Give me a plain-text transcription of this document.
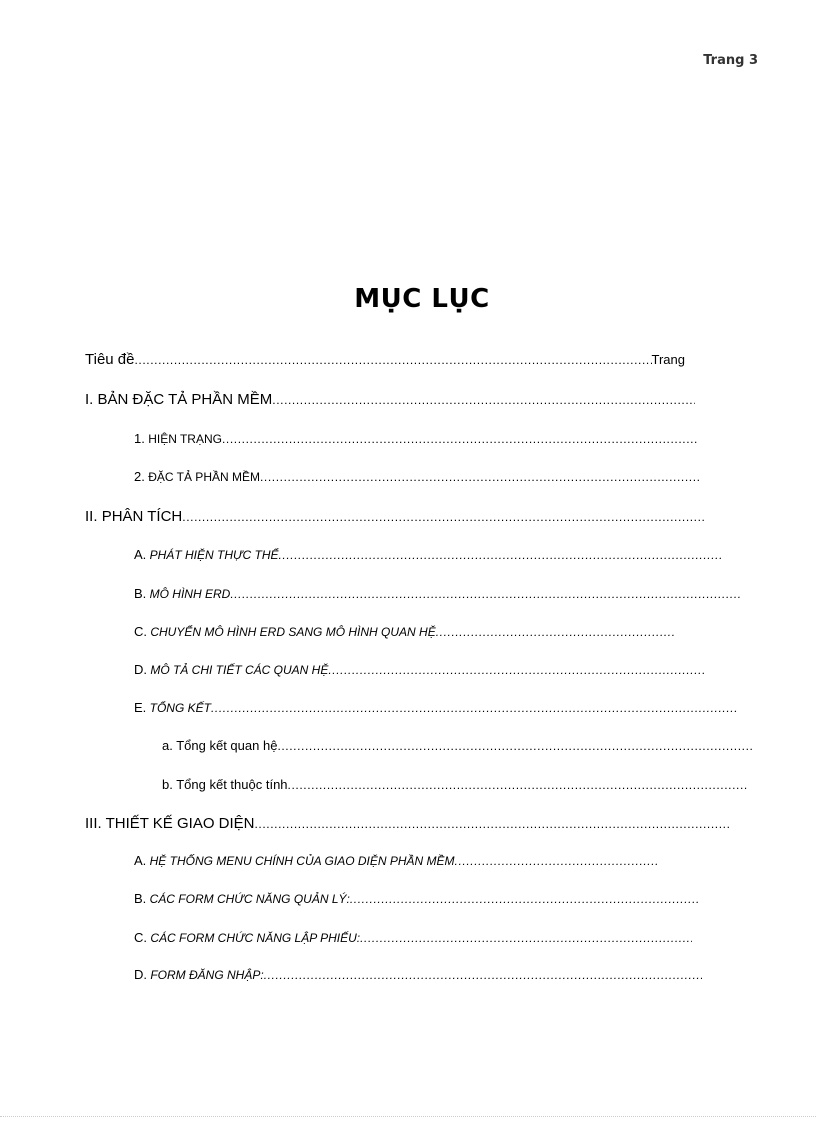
Trang 3
MỤC LỤC
Tiêu đề
.....	Trang
I. BẢN ĐẶC TẢ PHẦN MỀM
.....
1. HIỆN TRẠNG
.....
2. ĐẶC TẢ PHẦN MỀM
.....
II. PHÂN TÍCH
.....
A. PHÁT HIỆN THỰC THỂ
.....
B. MÔ HÌNH ERD
.....
C. CHUYỂN MÔ HÌNH ERD SANG MÔ HÌNH QUAN HỆ
.....
D. MÔ TẢ CHI TIẾT CÁC QUAN HỆ
.....
E. TỔNG KẾT
.....
a. Tổng kết quan hệ
.....
b. Tổng kết thuộc tính
.....
III. THIẾT KẾ GIAO DIỆN
.....
A. HỆ THỐNG MENU CHÍNH CỦA GIAO DIỆN PHẦN MỀM
.....
B. CÁC FORM CHỨC NĂNG QUẢN LÝ:
.....
C. CÁC FORM CHỨC NĂNG LẬP PHIẾU:
.....
D. FORM ĐĂNG NHẬP:
.....
